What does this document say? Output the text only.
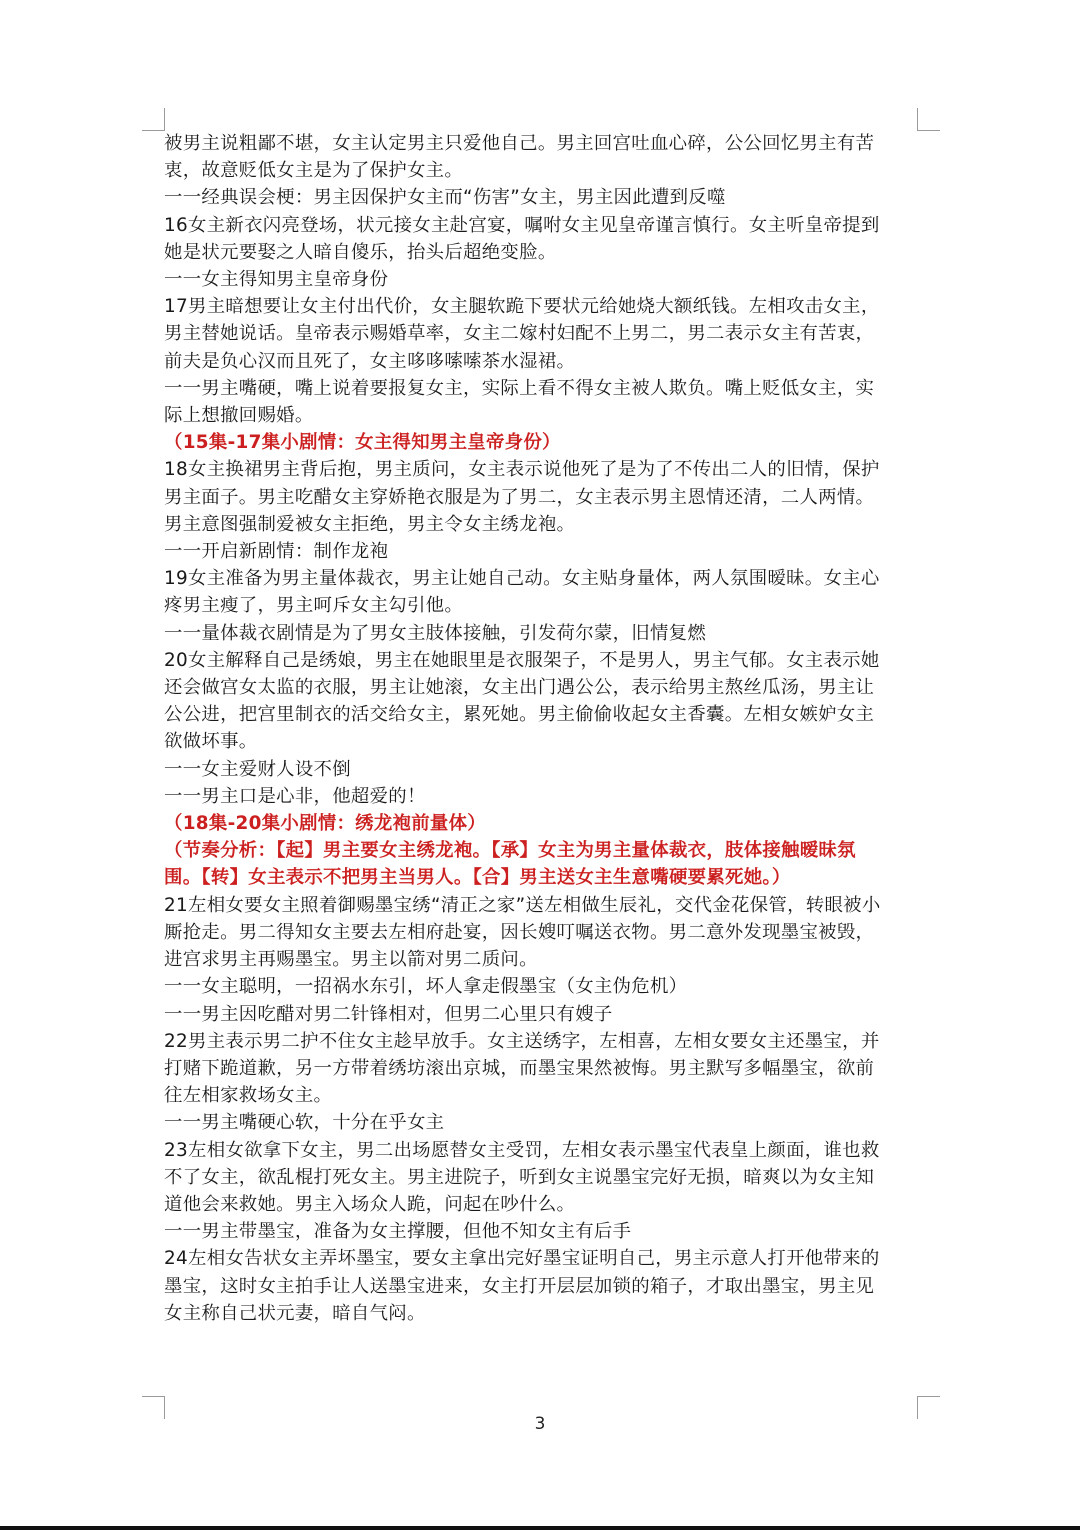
被男主说粗鄙不堪，女主认定男主只爱他自己。男主回宫吐血心碎，公公回忆男主有苦
衷，故意贬低女主是为了保护女主。
一一经典误会梗：男主因保护女主而“伤害”女主，男主因此遭到反噬
16女主新衣闪亮登场，状元接女主赴宫宴，嘱咐女主见皇帝谨言慎行。女主听皇帝提到
她是状元要娶之人暗自傻乐，抬头后超绝变脸。
一一女主得知男主皇帝身份
17男主暗想要让女主付出代价，女主腿软跪下要状元给她烧大额纸钱。左相攻击女主，
男主替她说话。皇帝表示赐婚草率，女主二嫁村妇配不上男二，男二表示女主有苦衷，
前夫是负心汉而且死了，女主哆哆嗦嗦茶水湿裙。
一一男主嘴硬，嘴上说着要报复女主，实际上看不得女主被人欺负。嘴上贬低女主，实
际上想撤回赐婚。
（15集-17集小剧情：女主得知男主皇帝身份）
18女主换裙男主背后抱，男主质问，女主表示说他死了是为了不传出二人的旧情，保护
男主面子。男主吃醋女主穿娇艳衣服是为了男二，女主表示男主恩情还清，二人两情。
男主意图强制爱被女主拒绝，男主令女主绣龙袍。
一一开启新剧情：制作龙袍
19女主准备为男主量体裁衣，男主让她自己动。女主贴身量体，两人氛围暧昧。女主心
疼男主瘦了，男主呵斥女主勾引他。
一一量体裁衣剧情是为了男女主肢体接触，引发荷尔蒙，旧情复燃
20女主解释自己是绣娘，男主在她眼里是衣服架子，不是男人，男主气郁。女主表示她
还会做宫女太监的衣服，男主让她滚，女主出门遇公公，表示给男主熬丝瓜汤，男主让
公公进，把宫里制衣的活交给女主，累死她。男主偷偷收起女主香囊。左相女嫉妒女主
欲做坏事。
一一女主爱财人设不倒
一一男主口是心非，他超爱的！
（18集-20集小剧情：绣龙袍前量体）
（节奏分析：【起】男主要女主绣龙袍。【承】女主为男主量体裁衣，肢体接触暧昧氛
围。【转】女主表示不把男主当男人。【合】男主送女主生意嘴硬要累死她。）
21左相女要女主照着御赐墨宝绣“清正之家”送左相做生辰礼，交代金花保管，转眼被小
厮抢走。男二得知女主要去左相府赴宴，因长嫂叮嘱送衣物。男二意外发现墨宝被毁，
进宫求男主再赐墨宝。男主以箭对男二质问。
一一女主聪明，一招祸水东引，坏人拿走假墨宝（女主伪危机）
一一男主因吃醋对男二针锋相对，但男二心里只有嫂子
22男主表示男二护不住女主趁早放手。女主送绣字，左相喜，左相女要女主还墨宝，并
打赌下跪道歉，另一方带着绣坊滚出京城，而墨宝果然被悔。男主默写多幅墨宝，欲前
往左相家救场女主。
一一男主嘴硬心软，十分在乎女主
23左相女欲拿下女主，男二出场愿替女主受罚，左相女表示墨宝代表皇上颜面，谁也救
不了女主，欲乱棍打死女主。男主进院子，听到女主说墨宝完好无损，暗爽以为女主知
道他会来救她。男主入场众人跪，问起在吵什么。
一一男主带墨宝，准备为女主撑腰，但他不知女主有后手
24左相女告状女主弄坏墨宝，要女主拿出完好墨宝证明自己，男主示意人打开他带来的
墨宝，这时女主拍手让人送墨宝进来，女主打开层层加锁的箱子，才取出墨宝，男主见
女主称自己状元妻，暗自气闷。
3
